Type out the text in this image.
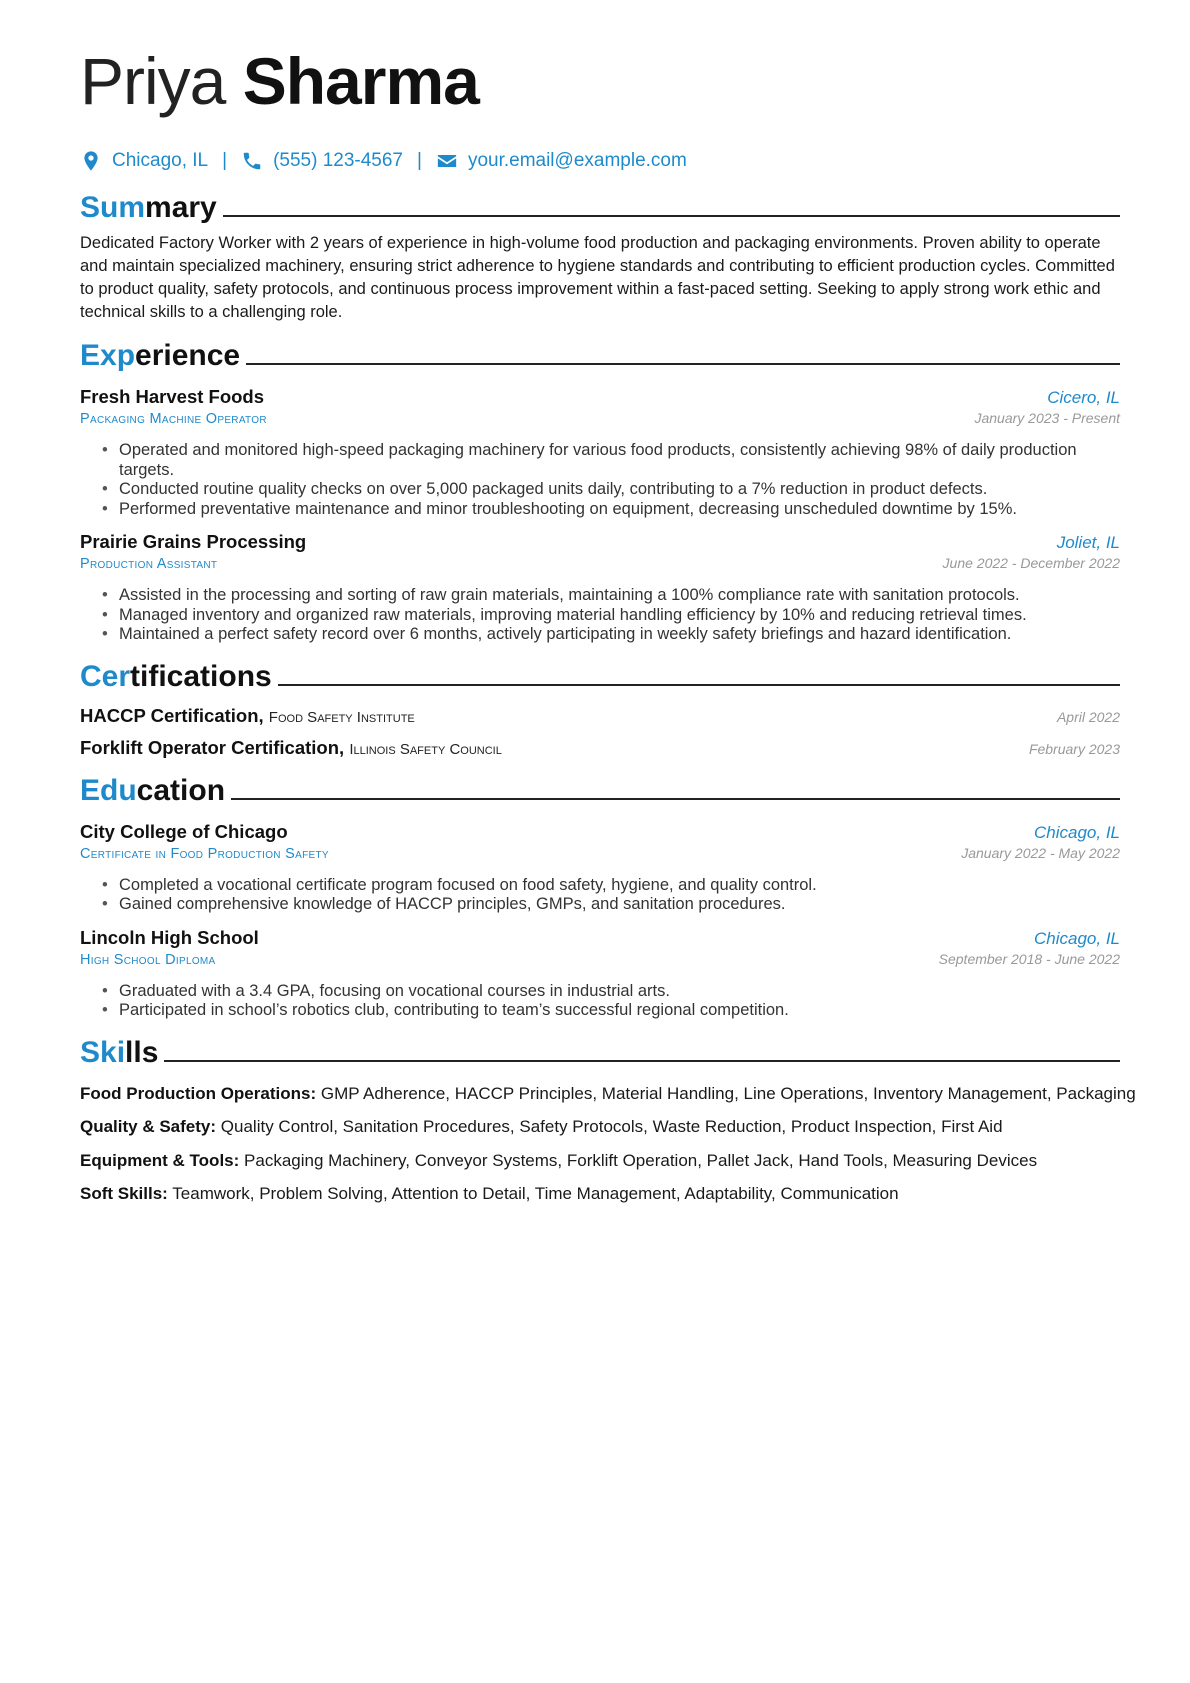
Priya Sharma
Chicago, IL | (555) 123-4567 | your.email@example.com
Summary

Dedicated Factory Worker with 2 years of experience in high-volume food production and packaging environments. Proven ability to operate and maintain specialized machinery, ensuring strict adherence to hygiene standards and contributing to efficient production cycles. Committed to product quality, safety protocols, and continuous process improvement within a fast-paced setting. Seeking to apply strong work ethic and technical skills to a challenging role.

Experience
Fresh Harvest Foods	Cicero, IL
Packaging Machine Operator	January 2023 - Present
• Operated and monitored high-speed packaging machinery for various food products, consistently achieving 98% of daily production targets.
• Conducted routine quality checks on over 5,000 packaged units daily, contributing to a 7% reduction in product defects.
• Performed preventative maintenance and minor troubleshooting on equipment, decreasing unscheduled downtime by 15%.
Prairie Grains Processing	Joliet, IL
Production Assistant	June 2022 - December 2022
• Assisted in the processing and sorting of raw grain materials, maintaining a 100% compliance rate with sanitation protocols.
• Managed inventory and organized raw materials, improving material handling efficiency by 10% and reducing retrieval times.
• Maintained a perfect safety record over 6 months, actively participating in weekly safety briefings and hazard identification.
Certifications
HACCP Certification, Food Safety Institute	April 2022
Forklift Operator Certification, Illinois Safety Council	February 2023
Education
City College of Chicago	Chicago, IL
Certificate in Food Production Safety	January 2022 - May 2022
• Completed a vocational certificate program focused on food safety, hygiene, and quality control.
• Gained comprehensive knowledge of HACCP principles, GMPs, and sanitation procedures.
Lincoln High School	Chicago, IL
High School Diploma	September 2018 - June 2022
• Graduated with a 3.4 GPA, focusing on vocational courses in industrial arts.
• Participated in school’s robotics club, contributing to team’s successful regional competition.
Skills
Food Production Operations: GMP Adherence, HACCP Principles, Material Handling, Line Operations, Inventory Management, Packaging
Quality & Safety: Quality Control, Sanitation Procedures, Safety Protocols, Waste Reduction, Product Inspection, First Aid
Equipment & Tools: Packaging Machinery, Conveyor Systems, Forklift Operation, Pallet Jack, Hand Tools, Measuring Devices
Soft Skills: Teamwork, Problem Solving, Attention to Detail, Time Management, Adaptability, Communication
